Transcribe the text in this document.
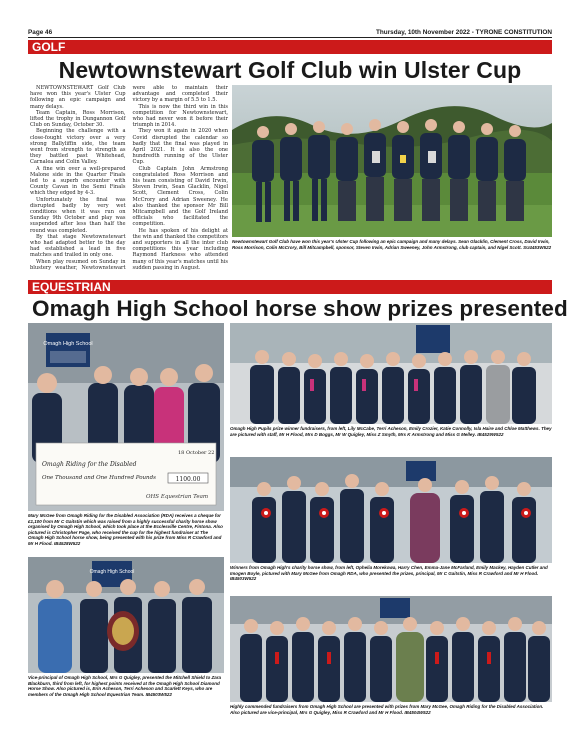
Page 46	Thursday, 10th November 2022 - TYRONE CONSTITUTION
GOLF
Newtownstewart Golf Club win Ulster Cup

NEWTOWNSTEWART Golf Club have won this year's Ulster Cup following an epic campaign and many delays.

Team Captain, Ross Morrison, lifted the trophy in Dungannon Golf Club on Sunday, October 30.

Beginning the challenge with a close-fought victory over a very strong Ballyliffin side, the team went from strength to strength as they battled past Whitehead, Carnalea and Colin Valley.

A fine win over a well-prepared Malone side in the Quarter Finals led to a superb encounter with County Cavan in the Semi Finals which they edged by 4-3.

Unfortunately the final was disrupted badly by very wet conditions when it was run on Sunday 9th October and play was suspended after less than half the round was completed.

By that stage Newtownstewart who had adapted better to the day had established a lead in five matches and trailed in only one.

When play resumed on Sunday in blustery weather, Newtownstewart were able to maintain their advantage and completed their victory by a margin of 5.5 to 1.5.

This is now the third win in this competition for Newtownstewart, who had never won it before their triumph in 2014.

They won it again in 2020 when Covid disrupted the calendar so badly that the final was played in April 2021. It is also the one hundredth running of the Ulster Cup.

Club Captain John Armstrong congratulated Ross Morrison and his team consisting of David Irwin, Steven Irwin, Sean Glacklin, Nigel Scott, Clement Cross, Colin McCrory and Adrian Sweeney. He also thanked the sponsor Mr Bill Mitcampbell and the Golf Ireland officials who facilitated the competition.

He has spoken of his delight at the win and thanked the competitors and supporters in all the inter club competitions this year including Raymond Harkness who attended many of this year's matches until his sudden passing in August.

Newtownstewart Golf Club have won this year's Ulster Cup following an epic campaign and many delays. Sean Glacklin, Clement Cross, David Irwin, Ross Morrison, Colin McCrory, Bill Mitcampbell, sponsor, Steven Irwin, Adrian Sweeney, John Armstrong, club captain, and Nigel Scott. SU4453W522
EQUESTRIAN
Omagh High School horse show prizes presented
Omagh High School
18 October 22
Omagh Riding for the Disabled
One Thousand and One Hundred Pounds	1100.00
OHS Equestrian Team
Mary McGee from Omagh Riding for the Disabled Association (RDA) receives a cheque for £1,100 from Mr C Gaitstin which was raised from a highly successful charity horse show organised by Omagh High School, which took place at the Ecclesville Centre, Fintona. Also pictured is Christopher Page, who received the cup for the highest fundraiser at The Omagh High School horse show, being presented with his prize from Miss R Crawford and Mr H Flood. IB4528W522
Omagh High Pupils prize winner fundraisers, from left, Lily McCabe, Terri Acheson, Emily Crozier, Katie Connolly, Isla Haire and Chloe Matthews. They are pictured with staff, Mr H Flood, Mrs D Boggs, Mr W Quigley, Miss Z Smyth, Mrs K Armstrong and Miss G Melley. IB4529W522
Winners from Omagh High's charity horse show, from left, Ophelia Morekowa, Harry Chen, Emma-Jane McFarland, Emily Mackey, Hayden Cutler and Imogen Boyle, pictured with Mary McGee from Omagh RDA, who presented the prizes, principal, Mr C Gaitstin, Miss R Crawford and Mr H Flood. IB4503W522
Omagh High School
Vice-principal of Omagh High School, Mrs G Quigley, presented the Mitchell Shield to Zara Blackburn, third from left, for highest points received at the Omagh High School Diamond Horse Show. Also pictured is, Erin Acheson, Terri Acheson and Scarlett Keys, who are members of the Omagh High School Equestrian Team. IB4503W522
Highly commended fundraisers from Omagh High School are presented with prizes from Mary McGee, Omagh Riding for the Disabled Association. Also pictured are vice-principal, Mrs G Quigley, Miss R Crawford and Mr H Flood. IB4504W522
